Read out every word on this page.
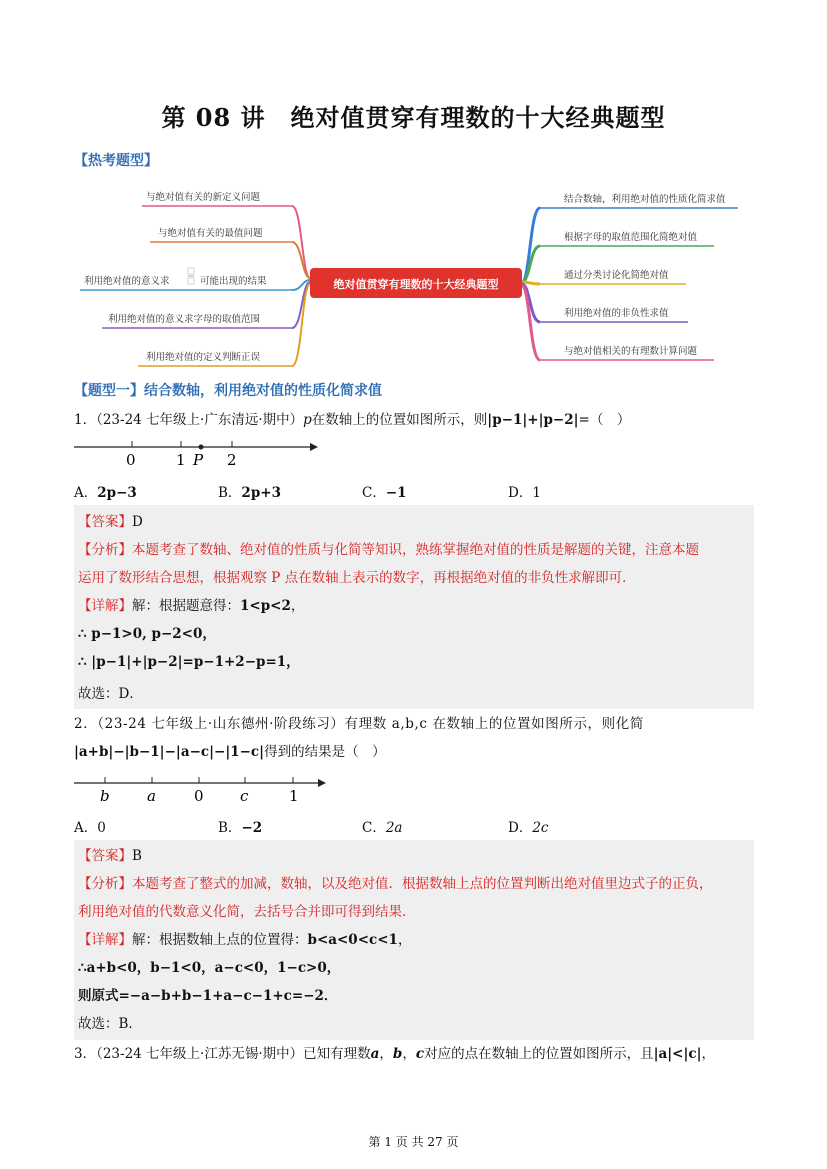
第 08 讲　绝对值贯穿有理数的十大经典题型
【热考题型】
与绝对值有关的新定义问题
与绝对值有关的最值问题
利用绝对值的意义求	可能出现的结果
利用绝对值的意义求字母的取值范围
利用绝对值的定义判断正误
绝对值贯穿有理数的十大经典题型
结合数轴，利用绝对值的性质化简求值
根据字母的取值范围化简绝对值
通过分类讨论化简绝对值
利用绝对值的非负性求值
与绝对值相关的有理数计算问题
【题型一】结合数轴，利用绝对值的性质化简求值
1．（23-24 七年级上·广东清远·期中）p在数轴上的位置如图所示，则|p−1|+|p−2|=（　）
0	1 P 2
A．2p−3	B．2p+3	C．−1	D．1
【答案】D
【分析】本题考查了数轴、绝对值的性质与化简等知识，熟练掌握绝对值的性质是解题的关键，注意本题
运用了数形结合思想，根据观察 P 点在数轴上表示的数字，再根据绝对值的非负性求解即可．
【详解】解：根据题意得：1<p<2，
∴ p−1>0, p−2<0，
∴ |p−1|+|p−2|=p−1+2−p=1，
故选：D．
2．（23-24 七年级上·山东德州·阶段练习）有理数 a,b,c 在数轴上的位置如图所示，则化简
|a+b|−|b−1|−|a−c|−|1−c|得到的结果是（　）
b a	0 c	1
A．0	B．−2	C．2a	D．2c
【答案】B
【分析】本题考查了整式的加减，数轴，以及绝对值．根据数轴上点的位置判断出绝对值里边式子的正负，
利用绝对值的代数意义化简，去括号合并即可得到结果．
【详解】解：根据数轴上点的位置得：b<a<0<c<1，
∴a+b<0，b−1<0，a−c<0，1−c>0，
则原式=−a−b+b−1+a−c−1+c=−2．
故选：B．
3．（23-24 七年级上·江苏无锡·期中）已知有理数a，b，c对应的点在数轴上的位置如图所示，且|a|<|c|，
第 1 页 共 27 页
